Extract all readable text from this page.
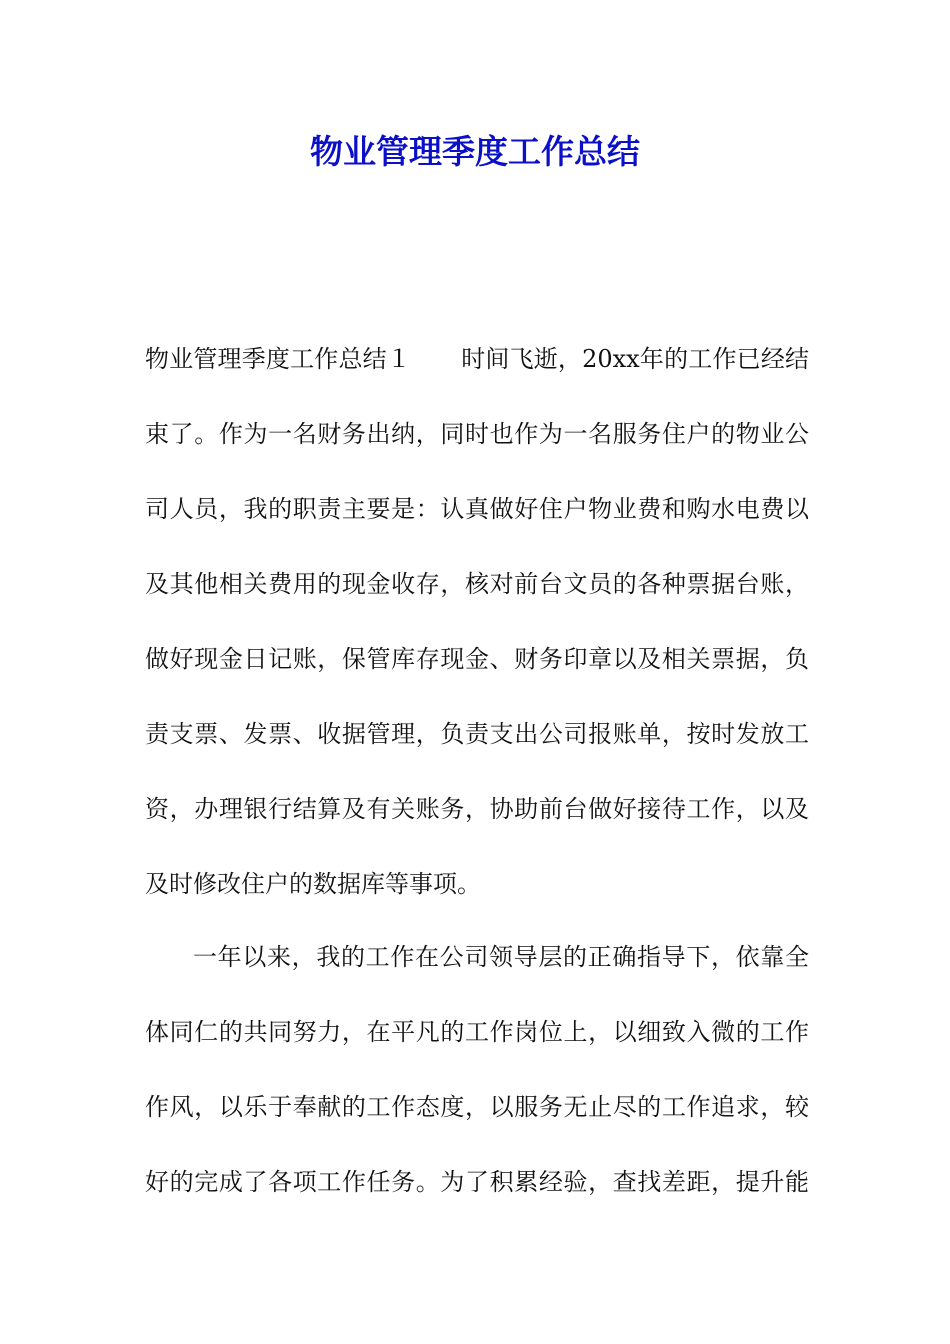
物业管理季度工作总结

物业管理季度工作总结１ 时间飞逝，20xx年的工作已经结

束了。作为一名财务出纳，同时也作为一名服务住户的物业公

司人员，我的职责主要是：认真做好住户物业费和购水电费以

及其他相关费用的现金收存，核对前台文员的各种票据台账，

做好现金日记账，保管库存现金、财务印章以及相关票据，负

责支票、发票、收据管理，负责支出公司报账单，按时发放工

资，办理银行结算及有关账务，协助前台做好接待工作，以及

及时修改住户的数据库等事项。

一年以来，我的工作在公司领导层的正确指导下，依靠全

体同仁的共同努力，在平凡的工作岗位上，以细致入微的工作

作风，以乐于奉献的工作态度，以服务无止尽的工作追求，较

好的完成了各项工作任务。为了积累经验，查找差距，提升能
